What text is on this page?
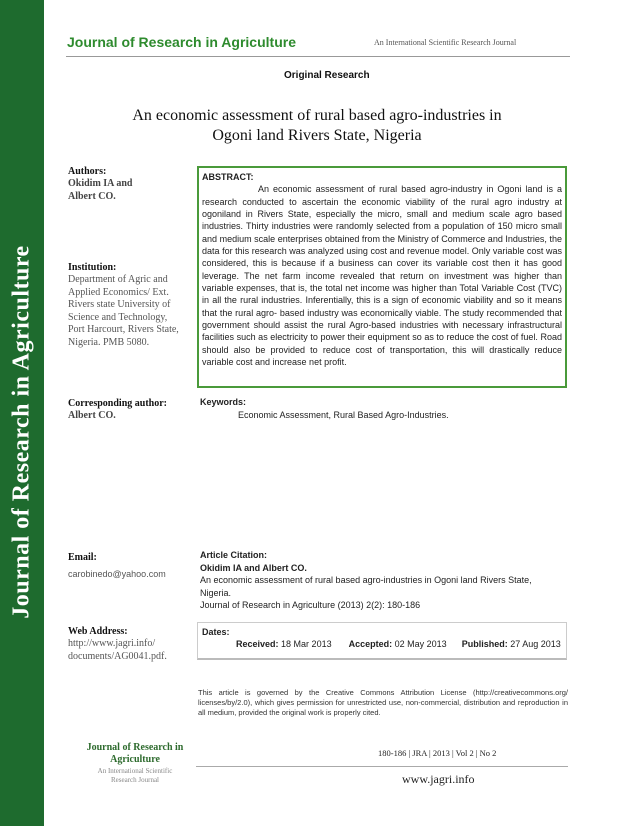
Journal of Research in Agriculture
Journal of Research in Agriculture	An International Scientific Research Journal
Original Research
An economic assessment of rural based agro-industries in
Ogoni land Rivers State, Nigeria
Authors:
Okidim IA and
Albert CO.
Institution:
Department of Agric and
Applied Economics/ Ext.
Rivers state University of
Science and Technology,
Port Harcourt, Rivers State,
Nigeria. PMB 5080.
Corresponding author:
Albert CO.
Email:
carobinedo@yahoo.com
Web Address:
http://www.jagri.info/
documents/AG0041.pdf.
ABSTRACT:

An economic assessment of rural based agro-industry in Ogoni land is a research conducted to ascertain the economic viability of the rural agro industry at ogoniland in Rivers State, especially the micro, small and medium scale agro based industries. Thirty industries were randomly selected from a population of 150 micro small and medium scale enterprises obtained from the Ministry of Commerce and Industries, the data for this research was analyzed using cost and revenue model. Only variable cost was considered, this is because if a business can cover its variable cost then it has good leverage. The net farm income revealed that return on investment was higher than variable expenses, that is, the total net income was higher than Total Variable Cost (TVC) in all the rural industries. Inferentially, this is a sign of economic viability and so it means that the rural agro- based industry was economically viable. The study recommended that government should assist the rural Agro-based industries with necessary infrastructural facilities such as electricity to power their equipment so as to reduce the cost of fuel. Road should also be provided to reduce cost of transportation, this will drastically reduce variable cost and increase net profit.

Keywords:
Economic Assessment, Rural Based Agro-Industries.
Article Citation:
Okidim IA and Albert CO.
An economic assessment of rural based agro-industries in Ogoni land Rivers State,
Nigeria.
Journal of Research in Agriculture (2013) 2(2): 180-186
Dates:
Received: 18 Mar 2013 Accepted: 02 May 2013 Published: 27 Aug 2013
This article is governed by the Creative Commons Attribution License (http://creativecommons.org/ licenses/by/2.0), which gives permission for unrestricted use, non-commercial, distribution and reproduction in all medium, provided the original work is properly cited.
Journal of Research in
Agriculture
An International Scientific
Research Journal
180-186 | JRA | 2013 | Vol 2 | No 2
www.jagri.info
